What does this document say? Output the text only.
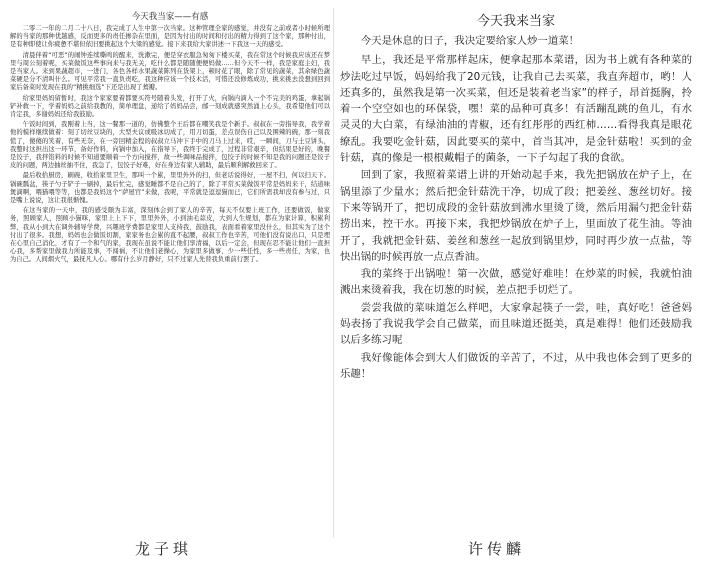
今天我当家——有感

二零二一年的二月二十八日，我完成了人生中第一次当家。这种管理全家的感觉，并没有之前或者小时候所理解的当家的那种优越感，反而更多的责任掺杂在里面，是因为付出的时间和付出的精力得到了这个家，那种付出，是有种即使让你疲惫不堪但依旧要挑起这个大梁的感觉。接下来我给大家讲述一下我这一天的感受。

清晨伴着“可恶”的闹钟连续嘶鸣的醒来，洗漱完，便是穿衣服急匆匆下楼买菜，我在常这个时候我应该还在梦里与周公刻着呢，买菜做饭这些事向来与我无关，吃什么都是随随便便妈做……但今天不一样，我是家庭主妇，我是当家人。来到果蔬超市，一进门，各色各样水果蔬菜陈列在货架上，顿时花了眼，除了常见的蔬菜，其余绿色蔬菜硬是分不清叫什么。可见平常我一直负责吃，我这种应该一个技术活，可惜还没修炼成功，挑来挑去没想到回到家后备菜时发现在我的“精挑细选”下还是出现了蔫瓣。

给家里妈妈留暂时，我这个家家要着都要买符号随着头发，打开了火，向锅内滴入一个不完美的鸡蛋，拿起锅铲补救一下，学着妈妈之前给我教的，简单理盘，递给了妈妈品尝，邮一刻成就感突然涌上心头，我希望他们可以肯定我，多谢妈妈还给我鼓励。

午饭时间到，我刚着上当，这一餐那一道的，仿佛整个王后都在嘲笑我是个新手。叔叔在一旁指导我，我学着他的模样继续做着：刻了切丝豆块的，大型夫议或吸冰切成了，用刀切蛋，差点误伤自己以及围辣的碗，那一刻我慌了，傻傻的笑着，有些无奈，在一旁回精金程的叔叔立马冲下手中的刀马上过来，哎，一瞬间，刀与土豆饼头，我整时这担出这一环节，备好作料，向锅中加入，在指导下，我终于完成了，过程非常艰辛，但结果是好的，晚餐是饺子，我拌馅料的时候不知道要顺着一个方向搅拌，故一些调味品搅拌，包饺子的时候不知是我的问题还是饺子皮的问题，两边抽丝抽不住，我急了，包饺子好难，好在身边有家人辅助，最后顺利解救回来了。

最后收拾厨房，刷碗，收拾家里卫生，那叫一个累，里里外外的扫，但老话说得好，一屋不扫，何以扫天下。锅碗瓢盆，筷子勺子铲子一刷掉，最后忙完，感觉睡都不是自己的了，除了平常买菜做饭平常是妈妈来干，结道味煲滴啊，喂猫喂等等，也都是我妈这个“萨屋官”来做，我呢，平常就是逗逗猫而已，它们所需我却没有参与过，只是嘴上说说，这让我很惭愧。

在这当家的一天中，我的感受颇为丰富，深刻体会到了家人的辛苦，每天不仅要上班工作，还要做饭，做家务，照顾家人，照顾小猫咪，家里上上下下，里里外外，小到油毛蒜皮，大到人生规划，都在为家计算，积累利弊，我从小到大在调外辅导学费，兴趣班学费都是家里人支持我，鼓励我，表面看着家里没什么，但其实为了这个付出了很多。我想，妈妈也会做饭切割，家家务也会累的直不起腰，叔叔工作也辛苦，可他们没有说出口，只是埋在心里自己消化，才有了一个和气的家，我现在虽说不能让他们享清福，以后一定会，但现在忍不能让他们一直担心我，多帮家里做我力所能及事，不闯祸，不让他们老操心，为家里多做事，少一些任性，多一些责任，为家，也为自己。人间烟火气，最抚凡人心。哪有什么岁月静好，只不过家人先替我负重前行罢了。

今天我来当家

今天是休息的日子，我决定要给家人炒一道菜！

早上，我还是平常那样起床，便拿起那本菜谱，因为书上就有各种菜的炒法吃过早饭，妈妈给我了20元钱，让我自己去买菜，我直奔超市，哟！人还真多的，虽然我是第一次买菜，但还是装着老当家”的样子，昂首挺胸，拎着一个空空如也的环保袋，嘿！菜的品种可真多！有活蹦乱跳的鱼儿，有水灵灵的大白菜，有绿油油的青椒，还有红彤彤的西红柿……看得我真是眼花缭乱。我要吃金针菇，因此要买的菜中，首当其冲，是金针菇啦！买到的金针菇，真的像是一根根戴帽子的菌条，一下子勾起了我的食欲。

回到了家，我照着菜谱上讲的开始动起手来，我先把锅放在炉子上，在锅里添了少量水；然后把金针菇洗干净，切成了段；把姜丝、葱丝切好。接下来等锅开了，把切成段的金针菇放到沸水里烫了烫，然后用漏勺把金针菇捞出来，控干水。再接下来，我把炒锅放在炉子上，里面放了花生油。等油开了，我就把金针菇、姜丝和葱丝一起放到锅里炒，同时再少放一点盐，等快出锅的时候再放一点点香油。

我的菜终于出锅啦！第一次做，感觉好难哇！在炒菜的时候，我就怕油溅出来烫着我，我在切葱的时候，差点把手切烂了。

尝尝我做的菜味道怎么样吧，大家拿起筷子一尝，哇，真好吃！爸爸妈妈表扬了我说我学会自己做菜，而且味道还挺美，真是难得！他们还鼓励我以后多练习呢

我好像能体会到大人们做饭的辛苦了，不过，从中我也体会到了更多的乐趣！

龙子琪	许传麟
